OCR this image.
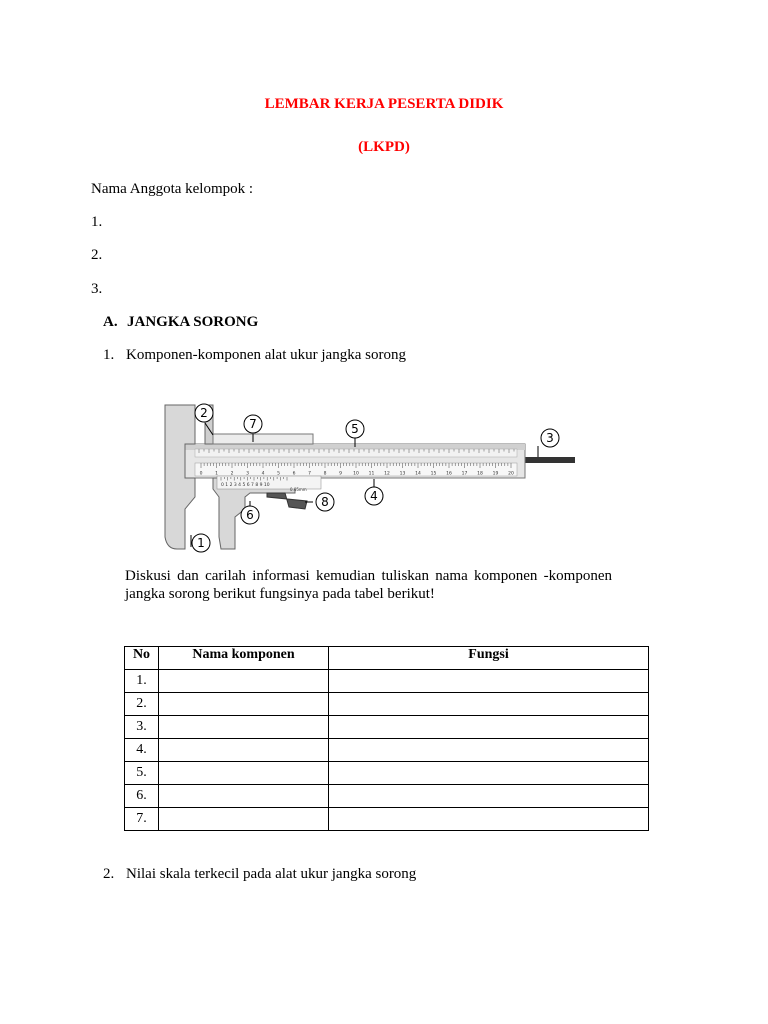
LEMBAR KERJA PESERTA DIDIK
(LKPD)
Nama Anggota kelompok :
1.
2.
3.
A. JANGKA SORONG
1. Komponen-komponen alat ukur jangka sorong
0	1	2	3	4	5	6	7	8	9 10 11 12 13 14 15 16 17 18 19 20
0 1 2 3 4 5 6 7 8 9 10
0.05mm
2
7	5
3
4
8
6
1
Diskusi dan carilah informasi kemudian tuliskan nama komponen -komponen jangka sorong berikut fungsinya pada tabel berikut!
No	Nama komponen	Fungsi
1.		
2.		
3.		
4.		
5.		
6.		
7.		
2. Nilai skala terkecil pada alat ukur jangka sorong
